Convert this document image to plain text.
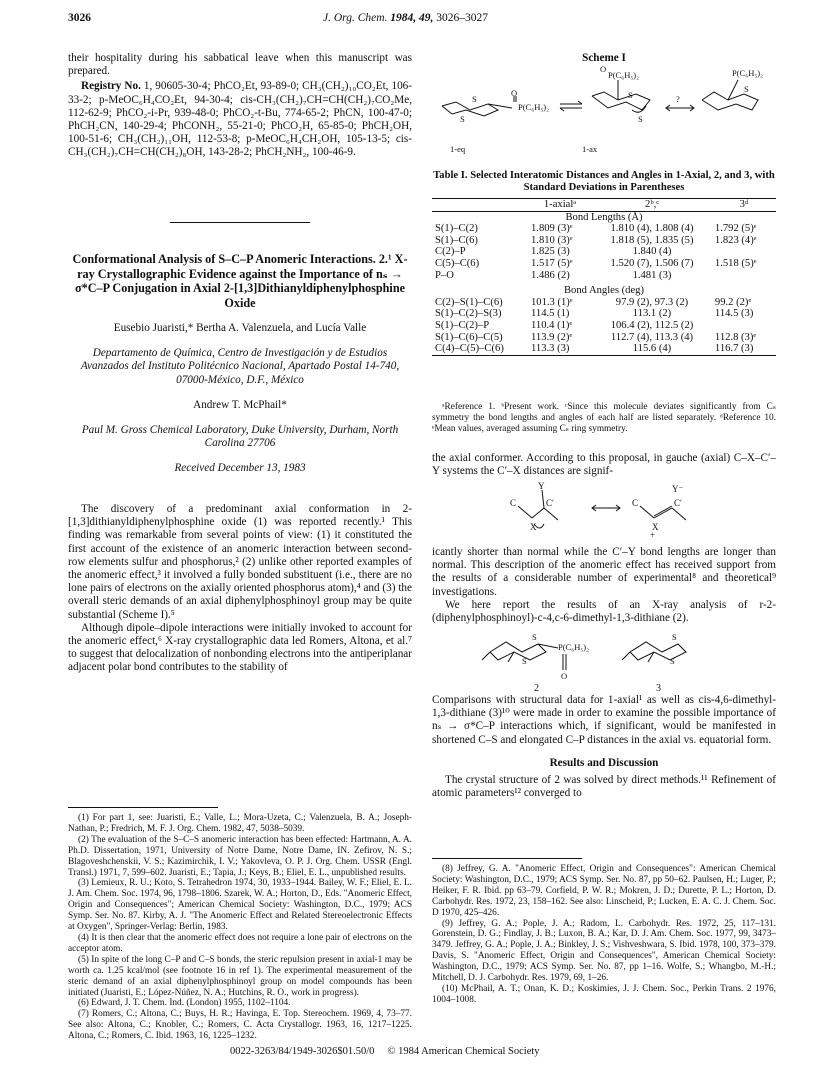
3026	J. Org. Chem. 1984, 49, 3026–3027

their hospitality during his sabbatical leave when this manuscript was prepared.

Registry No. 1, 90605-30-4; PhCO₂Et, 93-89-0; CH₃(CH₂)₁₀CO₂Et, 106-33-2; p-MeOC₆H₄CO₂Et, 94-30-4; cis-CH₃(CH₂)₇CH=CH(CH₂)₇CO₂Me, 112-62-9; PhCO₂-i-Pr, 939-48-0; PhCO₂-t-Bu, 774-65-2; PhCN, 100-47-0; PhCH₂CN, 140-29-4; PhCONH₂, 55-21-0; PhCO₂H, 65-85-0; PhCH₂OH, 100-51-6; CH₃(CH₂)₁₁OH, 112-53-8; p-MeOC₆H₄CH₂OH, 105-13-5; cis-CH₃(CH₂)₇CH=CH(CH₂)₈OH, 143-28-2; PhCH₂NH₂, 100-46-9.

Conformational Analysis of S–C–P Anomeric Interactions. 2.¹ X-ray Crystallographic Evidence against the Importance of nₛ → σ*C–P Conjugation in Axial 2-[1,3]Dithianyldiphenylphosphine Oxide

Eusebio Juaristi,* Bertha A. Valenzuela, and Lucía Valle

Departamento de Química, Centro de Investigación y de Estudios Avanzados del Instituto Politécnico Nacional, Apartado Postal 14-740, 07000-México, D.F., México

Andrew T. McPhail*

Paul M. Gross Chemical Laboratory, Duke University, Durham, North Carolina 27706

Received December 13, 1983

The discovery of a predominant axial conformation in 2-[1,3]dithianyldiphenylphosphine oxide (1) was reported recently.¹ This finding was remarkable from several points of view: (1) it constituted the first account of the existence of an anomeric interaction between second-row elements sulfur and phosphorus,² (2) unlike other reported examples of the anomeric effect,³ it involved a fully bonded substituent (i.e., there are no lone pairs of electrons on the axially oriented phosphorus atom),⁴ and (3) the overall steric demands of an axial diphenylphosphinoyl group may be quite substantial (Scheme I).⁵

Although dipole–dipole interactions were initially invoked to account for the anomeric effect,⁶ X-ray crystallographic data led Romers, Altona, et al.⁷ to suggest that delocalization of nonbonding electrons into the antiperiplanar adjacent polar bond contributes to the stability of

(1) For part 1, see: Juaristi, E.; Valle, L.; Mora-Uzeta, C.; Valenzuela, B. A.; Joseph-Nathan, P.; Fredrich, M. F. J. Org. Chem. 1982, 47, 5038–5039.

(2) The evaluation of the S–C–S anomeric interaction has been effected: Hartmann, A. A. Ph.D. Dissertation, 1971, University of Notre Dame, Notre Dame, IN. Zefirov, N. S.; Blagoveshchenskii, V. S.; Kazimirchik, I. V.; Yakovleva, O. P. J. Org. Chem. USSR (Engl. Transl.) 1971, 7, 599–602. Juaristi, E.; Tapia, J.; Keys, B.; Eliel, E. L., unpublished results.

(3) Lemieux, R. U.; Koto, S. Tetrahedron 1974, 30, 1933–1944. Bailey, W. F.; Eliel, E. L. J. Am. Chem. Soc. 1974, 96, 1798–1806. Szarek, W. A.; Horton, D., Eds. "Anomeric Effect, Origin and Consequences"; American Chemical Society: Washington, D.C., 1979; ACS Symp. Ser. No. 87. Kirby, A. J. "The Anomeric Effect and Related Stereoelectronic Effects at Oxygen", Springer-Verlag: Berlin, 1983.

(4) It is then clear that the anomeric effect does not require a lone pair of electrons on the acceptor atom.

(5) In spite of the long C–P and C–S bonds, the steric repulsion present in axial-1 may be worth ca. 1.25 kcal/mol (see footnote 16 in ref 1). The experimental measurement of the steric demand of an axial diphenylphosphinoyl group on model compounds has been initiated (Juaristi, E.; López-Núñez, N. A.; Hutchins, R. O., work in progress).

(6) Edward, J. T. Chem. Ind. (London) 1955, 1102–1104.

(7) Romers, C.; Altona, C.; Buys, H. R.; Havinga, E. Top. Stereochem. 1969, 4, 73–77. See also: Altona, C.; Knobler, C.; Romers, C. Acta Crystallogr. 1963, 16, 1217–1225. Altona, C.; Romers, C. Ibid. 1963, 16, 1225–1232.

Scheme I
S
S
P(C₆H₅)₂
O
P(C₆H₅)₂
O	P(C₆H₅)₂
S
S
S
?
1-eq	1-ax
Table I. Selected Interatomic Distances and Angles in 1-Axial, 2, and 3, with Standard Deviations in Parentheses
	1-axialᵃ	2ᵇ,ᶜ	3ᵈ

Bond Lengths (Å)			
S(1)–C(2)	1.809 (3)ᵉ	1.810 (4), 1.808 (4)	1.792 (5)ᵉ
S(1)–C(6)	1.810 (3)ᵉ	1.818 (5), 1.835 (5)	1.823 (4)ᵉ
C(2)–P	1.825 (3)	1.840 (4)	
C(5)–C(6)	1.517 (5)ᵉ	1.520 (7), 1.506 (7)	1.518 (5)ᵉ
P–O	1.486 (2)	1.481 (3)	

Bond Angles (deg)			
C(2)–S(1)–C(6)	101.3 (1)ᵉ	97.9 (2), 97.3 (2)	99.2 (2)ᵉ
S(1)–C(2)–S(3)	114.5 (1)	113.1 (2)	114.5 (3)
S(1)–C(2)–P	110.4 (1)ᵉ	106.4 (2), 112.5 (2)	
S(1)–C(6)–C(5)	113.9 (2)ᵉ	112.7 (4), 113.3 (4)	112.8 (3)ᵉ
C(4)–C(5)–C(6)	113.3 (3)	115.6 (4)	116.7 (3)

ᵃReference 1. ᵇPresent work. ᶜSince this molecule deviates significantly from Cₛ symmetry the bond lengths and angles of each half are listed separately. ᵈReference 10. ᵉMean values, averaged assuming Cₛ ring symmetry.

the axial conformer. According to this proposal, in gauche (axial) C–X–C′–Y systems the C′–X distances are signif-

Y	Y⁻
C	C′	C	C′
X	X
+

icantly shorter than normal while the C′–Y bond lengths are longer than normal. This description of the anomeric effect has received support from the results of a considerable number of experimental⁸ and theoretical⁹ investigations.

We here report the results of an X-ray analysis of r-2-(diphenylphosphinoyl)-c-4,c-6-dimethyl-1,3-dithiane (2).

S
S
P(C₆H₅)₂
O
S
S
2	3

Comparisons with structural data for 1-axial¹ as well as cis-4,6-dimethyl-1,3-dithiane (3)¹⁰ were made in order to examine the possible importance of nₛ → σ*C–P interactions which, if significant, would be manifested in shortened C–S and elongated C–P distances in the axial vs. equatorial form.

Results and Discussion

The crystal structure of 2 was solved by direct methods.¹¹ Refinement of atomic parameters¹² converged to

(8) Jeffrey, G. A. "Anomeric Effect, Origin and Consequences": American Chemical Society: Washington, D.C., 1979; ACS Symp. Ser. No. 87, pp 50–62. Paulsen, H.; Luger, P.; Heiker, F. R. Ibid. pp 63–79. Corfield, P. W. R.; Mokren, J. D.; Durette, P. L.; Horton, D. Carbohydr. Res. 1972, 23, 158–162. See also: Linscheid, P.; Lucken, E. A. C. J. Chem. Soc. D 1970, 425–426.

(9) Jeffrey, G. A.; Pople, J. A.; Radom, L. Carbohydr. Res. 1972, 25, 117–131. Gorenstein, D. G.; Findlay, J. B.; Luxon, B. A.; Kar, D. J. Am. Chem. Soc. 1977, 99, 3473–3479. Jeffrey, G. A.; Pople, J. A.; Binkley, J. S.; Vishveshwara, S. Ibid. 1978, 100, 373–379. Davis, S. "Anomeric Effect, Origin and Consequences", American Chemical Society: Washington, D.C., 1979; ACS Symp. Ser. No. 87, pp 1–16. Wolfe, S.; Whangbo, M.-H.; Mitchell, D. J. Carbohydr. Res. 1979, 69, 1–26.

(10) McPhail, A. T.; Onan, K. D.; Koskimies, J. J. Chem. Soc., Perkin Trans. 2 1976, 1004–1008.

0022-3263/84/1949-3026$01.50/0 © 1984 American Chemical Society
